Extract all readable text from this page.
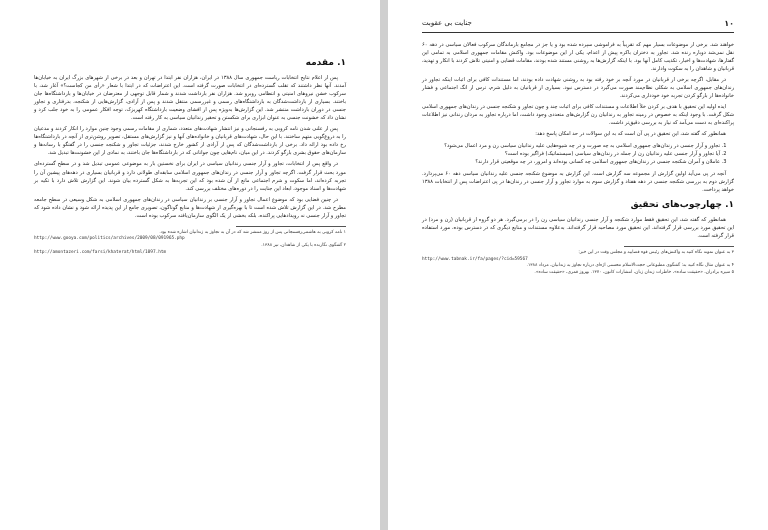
۱. مقدمه

پس از اعلام نتایج انتخابات ریاست جمهوری سال ۱۳۸۸ در ایران، هزاران نفر ابتدا در تهران و بعد در برخی از شهرهای بزرگ ایران به خیابان‌ها آمدند. آنها نظر داشتند که تقلب گسترده‌ای در انتخابات صورت گرفته است. این اعتراضات که در ابتدا با شعار «رأی من کجاست؟» آغاز شد، با سرکوب خشن نیروهای امنیتی و انتظامی روبرو شد. هزاران نفر بازداشت شدند و شمار قابل توجهی از معترضان در خیابان‌ها و بازداشتگاه‌ها جان باختند. بسیاری از بازداشت‌شدگان به بازداشتگاه‌های رسمی و غیررسمی منتقل شدند و پس از آزادی، گزارش‌هایی از شکنجه، بدرفتاری و تجاوز جنسی در دوران بازداشت منتشر شد. این گزارش‌ها به‌ویژه پس از افشای وضعیت بازداشتگاه کهریزک، توجه افکار عمومی را به خود جلب کرد و نشان داد که خشونت جنسی به عنوان ابزاری برای شکستن و تحقیر زندانیان سیاسی به کار رفته است.

پس از علنی شدن نامه کروبی به رفسنجانی و نیز انتشار شهادت‌های متعدد، شماری از مقامات رسمی وجود چنین موارد را انکار کردند و مدعیان را به دروغ‌گویی متهم ساختند. با این حال، شهادت‌های قربانیان و خانواده‌های آنها و نیز گزارش‌های مستقل، تصویر روشن‌تری از آنچه در بازداشتگاه‌ها رخ داده بود ارائه داد. برخی از بازداشت‌شدگان که پس از آزادی از کشور خارج شدند، جزئیات تجاوز و شکنجه جنسی را در گفتگو با رسانه‌ها و سازمان‌های حقوق بشری بازگو کردند. در این میان، نام‌هایی چون جوانانی که در بازداشتگاه‌ها جان باختند، به نمادی از این خشونت‌ها تبدیل شد.

در واقع پس از انتخابات، تجاوز و آزار جنسی زندانیان سیاسی در ایران برای نخستین بار به موضوعی عمومی تبدیل شد و در سطح گسترده‌ای مورد بحث قرار گرفت. اگرچه تجاوز و آزار جنسی در زندان‌های جمهوری اسلامی سابقه‌ای طولانی دارد و قربانیان بسیاری در دهه‌های پیشین آن را تجربه کرده‌اند، اما سکوت و شرم اجتماعی مانع از آن شده بود که این تجربه‌ها به شکل گسترده بیان شوند. این گزارش تلاش دارد با تکیه بر شهادت‌ها و اسناد موجود، ابعاد این جنایت را در دوره‌های مختلف بررسی کند.

در چنین فضایی بود که موضوع اعمال تجاوز و آزار جنسی بر زندانیان سیاسی در زندان‌های جمهوری اسلامی به شکل وسیعی در سطح جامعه مطرح شد. در این گزارش تلاش شده است تا با بهره‌گیری از شهادت‌ها و منابع گوناگون، تصویری جامع از این پدیده ارائه شود و نشان داده شود که تجاوز و آزار جنسی نه رویدادهایی پراکنده، بلکه بخشی از یک الگوی سازمان‌یافته سرکوب بوده است.

۱ نامه کروبی به هاشمی‌رفسنجانی پس از روز منتشر شد که در آن به تجاوز به زندانیان اشاره شده بود.

http://www.gooya.com/politics/archives/2009/08/091965.php

۲ گفتگوی نگارنده با یکی از شاهدان، تیر ۱۳۸۸.

http://amontazeri.com/farsi/khaterat/html/1097.htm

۱۰
جنایت بی عقوبت

خواهند شد. برخی از موضوعات بسیار مهم که تقریباً به فراموشی سپرده شده بود و یا جز در مجامع بازماندگان سرکوب فعالان سیاسی در دهه ۶۰ نقل نمی‌شد دوباره زنده شد. تجاوز به دختران باکره پیش از اعدام، یکی از این موضوعات بود. واکنش مقامات جمهوری اسلامی به تمامی این گفتارها، شهادت‌ها و اخبار، تکذیب کامل آنها بود. با اینکه گزارش‌ها به روشنی مستند شده بودند، مقامات قضایی و امنیتی تلاش کردند با انکار و تهدید، قربانیان و شاهدان را به سکوت وادارند.

در مقابل، اگرچه برخی از قربانیان در مورد آنچه بر خود رفته بود به روشنی شهادت داده بودند، اما مستندات کافی برای اثبات اینکه تجاوز در زندان‌های جمهوری اسلامی به شکلی نظام‌مند صورت می‌گیرد در دسترس نبود. بسیاری از قربانیان به دلیل شرم، ترس از انگ اجتماعی و فشار خانواده‌ها از بازگو کردن تجربه خود خودداری می‌کردند.

ایده اولیه این تحقیق با هدف بر کردن خلأ اطلاعات و مستندات کافی برای اثبات چند و چون تجاوز و شکنجه جنسی در زندان‌های جمهوری اسلامی شکل گرفت. با وجود اینکه به خصوص در زمینه تجاوز به زندانیان زن گزارش‌های متعددی وجود داشت، اما درباره تجاوز به مردان زندانی نیز اطلاعات پراکنده‌ای به دست می‌آمد که نیاز به بررسی دقیق‌تر داشت.

همانطور که گفته شد، این تحقیق در پی آن است که به این سوالات در حد امکان پاسخ دهد:

1. تجاوز و آزار جنسی در زندان‌های جمهوری اسلامی به چه صورت و در چه شیوه‌هایی علیه زندانیان سیاسی زن و مرد اعمال می‌شود؟
2. آیا تجاوز و آزار جنسی علیه زندانیان زن از جمله در زندان‌های سیاسی (سیستماتیک) فراگیر بوده است؟
3. عاملان و آمران شکنجه جنسی در زندان‌های جمهوری اسلامی چه کسانی بوده‌اند و امروز، در چه موقعیتی قرار دارند؟

آنچه در پی می‌آید اولین گزارش از مجموعه سه گزارش است. این گزارش به موضوع شکنجه جنسی علیه زندانیان سیاسی دهه ۶۰ می‌پردازد. گزارش دوم به بررسی شکنجه جنسی در دهه هفتاد و گزارش سوم به موارد تجاوز و آزار جنسی در زندان‌ها در پی اعتراضات پس از انتخابات ۱۳۸۸ خواهد پرداخت.

۱. چهارچوب‌های تحقیق

همانطور که گفته شد، این تحقیق فقط موارد شکنجه و آزار جنسی زندانیان سیاسی زن را در برمی‌گیرد. هر دو گروه از قربانیان (زن و مرد) در این تحقیق مورد بررسی قرار گرفته‌اند. این تحقیق مورد مصاحبه قرار گرفته‌اند. به‌علاوه مستندات و منابع دیگری که در دسترس بوده، مورد استفاده قرار گرفته است.

۳ به عنوان نمونه نگاه کنید به واکنش‌های رئیس قوه قضاییه و مجلس وقت در این خبر:

http://www.tabnak.ir/fa/pages/?cid=59567

۴ به عنوان مثال نگاه کنید به: گفتگوی مطبوعاتی حجت‌الاسلام محسنی اژه‌ای درباره تجاوز به زندانیان، مرداد ۱۳۸۸.

۵ منیره برادران، «حقیقت ساده»، خاطرات زندان زنان، انتشارات کانون، ۱۳۷۰. بهروز قمری، «حقیقت ساده».
